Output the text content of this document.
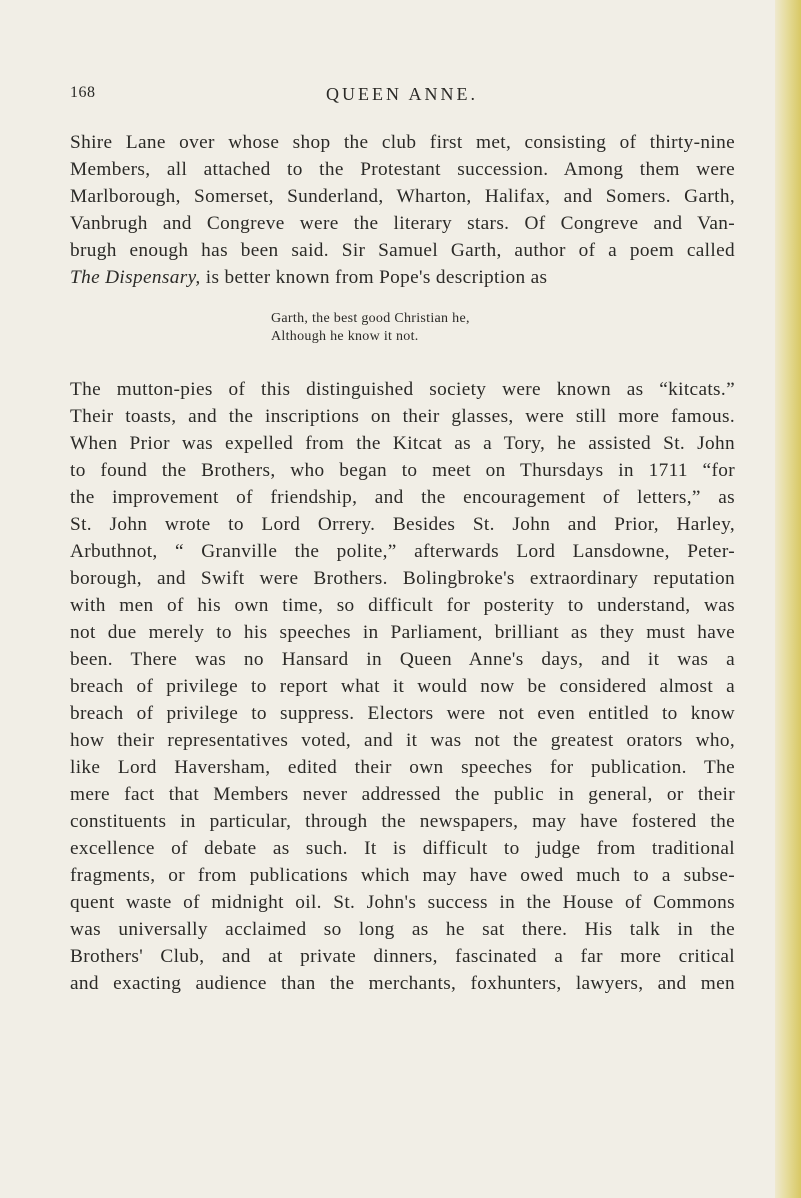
168	QUEEN ANNE.
Shire Lane over whose shop the club first met, consisting of thirty-nine
Members, all attached to the Protestant succession. Among them were
Marlborough, Somerset, Sunderland, Wharton, Halifax, and Somers. Garth,
Vanbrugh and Congreve were the literary stars. Of Congreve and Van-
brugh enough has been said. Sir Samuel Garth, author of a poem called
The Dispensary, is better known from Pope's description as
Garth, the best good Christian he,
Although he know it not.
The mutton-pies of this distinguished society were known as “kitcats.”
Their toasts, and the inscriptions on their glasses, were still more famous.
When Prior was expelled from the Kitcat as a Tory, he assisted St. John
to found the Brothers, who began to meet on Thursdays in 1711 “for
the improvement of friendship, and the encouragement of letters,” as
St. John wrote to Lord Orrery. Besides St. John and Prior, Harley,
Arbuthnot, “ Granville the polite,” afterwards Lord Lansdowne, Peter-
borough, and Swift were Brothers. Bolingbroke's extraordinary reputation
with men of his own time, so difficult for posterity to understand, was
not due merely to his speeches in Parliament, brilliant as they must have
been. There was no Hansard in Queen Anne's days, and it was a
breach of privilege to report what it would now be considered almost a
breach of privilege to suppress. Electors were not even entitled to know
how their representatives voted, and it was not the greatest orators who,
like Lord Haversham, edited their own speeches for publication. The
mere fact that Members never addressed the public in general, or their
constituents in particular, through the newspapers, may have fostered the
excellence of debate as such. It is difficult to judge from traditional
fragments, or from publications which may have owed much to a subse-
quent waste of midnight oil. St. John's success in the House of Commons
was universally acclaimed so long as he sat there. His talk in the
Brothers' Club, and at private dinners, fascinated a far more critical
and exacting audience than the merchants, foxhunters, lawyers, and men
